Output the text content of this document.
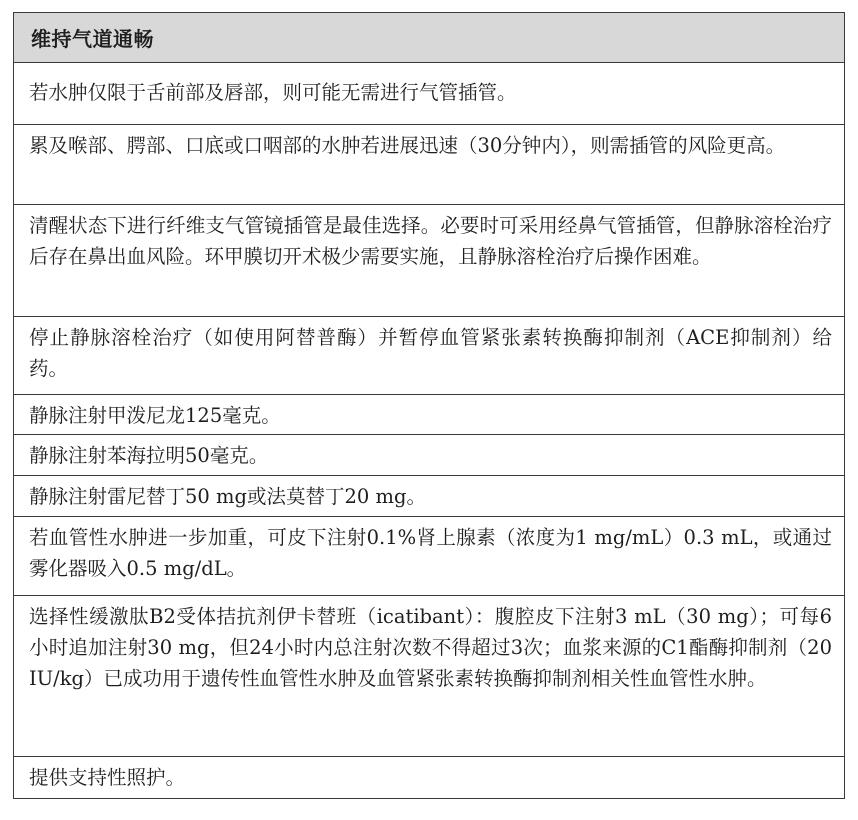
维持气道通畅
若水肿仅限于舌前部及唇部，则可能无需进行气管插管。
累及喉部、腭部、口底或口咽部的水肿若进展迅速（30分钟内），则需插管的风险更高。
清醒状态下进行纤维支气管镜插管是最佳选择。必要时可采用经鼻气管插管，但静脉溶栓治疗后存在鼻出血风险。环甲膜切开术极少需要实施，且静脉溶栓治疗后操作困难。
停止静脉溶栓治疗（如使用阿替普酶）并暂停血管紧张素转换酶抑制剂（ACE抑制剂）给药。
静脉注射甲泼尼龙125毫克。
静脉注射苯海拉明50毫克。
静脉注射雷尼替丁50 mg或法莫替丁20 mg。
若血管性水肿进一步加重，可皮下注射0.1%肾上腺素（浓度为1 mg/mL）0.3 mL，或通过雾化器吸入0.5 mg/dL。
选择性缓激肽B2受体拮抗剂伊卡替班（icatibant）：腹腔皮下注射3 mL（30 mg）；可每6小时追加注射30 mg，但24小时内总注射次数不得超过3次；血浆来源的C1酯酶抑制剂（20 IU/kg）已成功用于遗传性血管性水肿及血管紧张素转换酶抑制剂相关性血管性水肿。
提供支持性照护。
